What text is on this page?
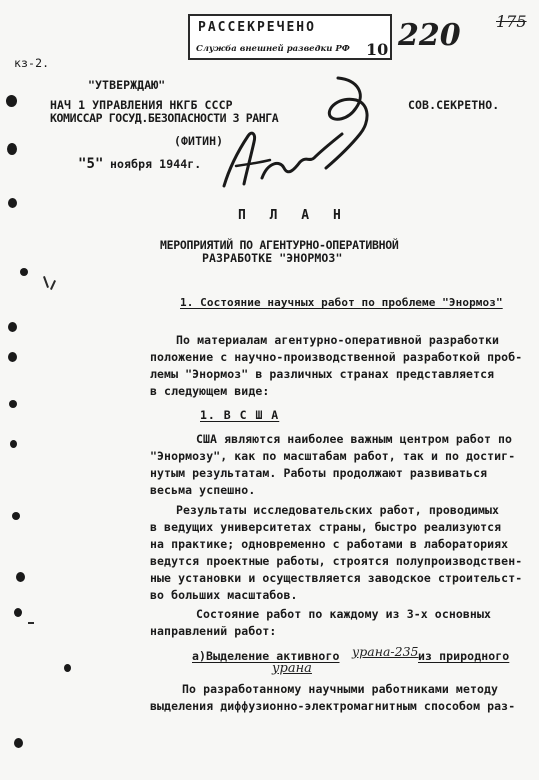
РАССЕКРЕЧЕНО
Служба внешней разведки РФ 10 220 175
кз-2.
"УТВЕРЖДАЮ"
НАЧ 1 УПРАВЛЕНИЯ НКГБ СССР
КОМИССАР ГОСУД.БЕЗОПАСНОСТИ 3 РАНГА
(ФИТИН)
"5" ноября 1944г.
СОВ.СЕКРЕТНО.
П Л А Н
МЕРОПРИЯТИЙ ПО АГЕНТУРНО-ОПЕРАТИВНОЙ
РАЗРАБОТКЕ "ЭНОРМОЗ"
1. Состояние научных работ по проблеме "Энормоз"
По материалам агентурно-оперативной разработки
положение с научно-производственной разработкой проб-
лемы "Энормоз" в различных странах представляется
в следующем виде:
1. В С Ш А
США являются наиболее важным центром работ по
"Энормозу", как по масштабам работ, так и по достиг-
нутым результатам. Работы продолжают развиваться
весьма успешно.
Результаты исследовательских работ, проводимых
в ведущих университетах страны, быстро реализуются
на практике; одновременно с работами в лабораториях
ведутся проектные работы, строятся полупроизводствен-
ные установки и осуществляется заводское строительст-
во больших масштабов.
Состояние работ по каждому из 3-х основных
направлений работ:
а)Выделение активного урана-235 из природного
урана
По разработанному научными работниками методу
выделения диффузионно-электромагнитным способом раз-
